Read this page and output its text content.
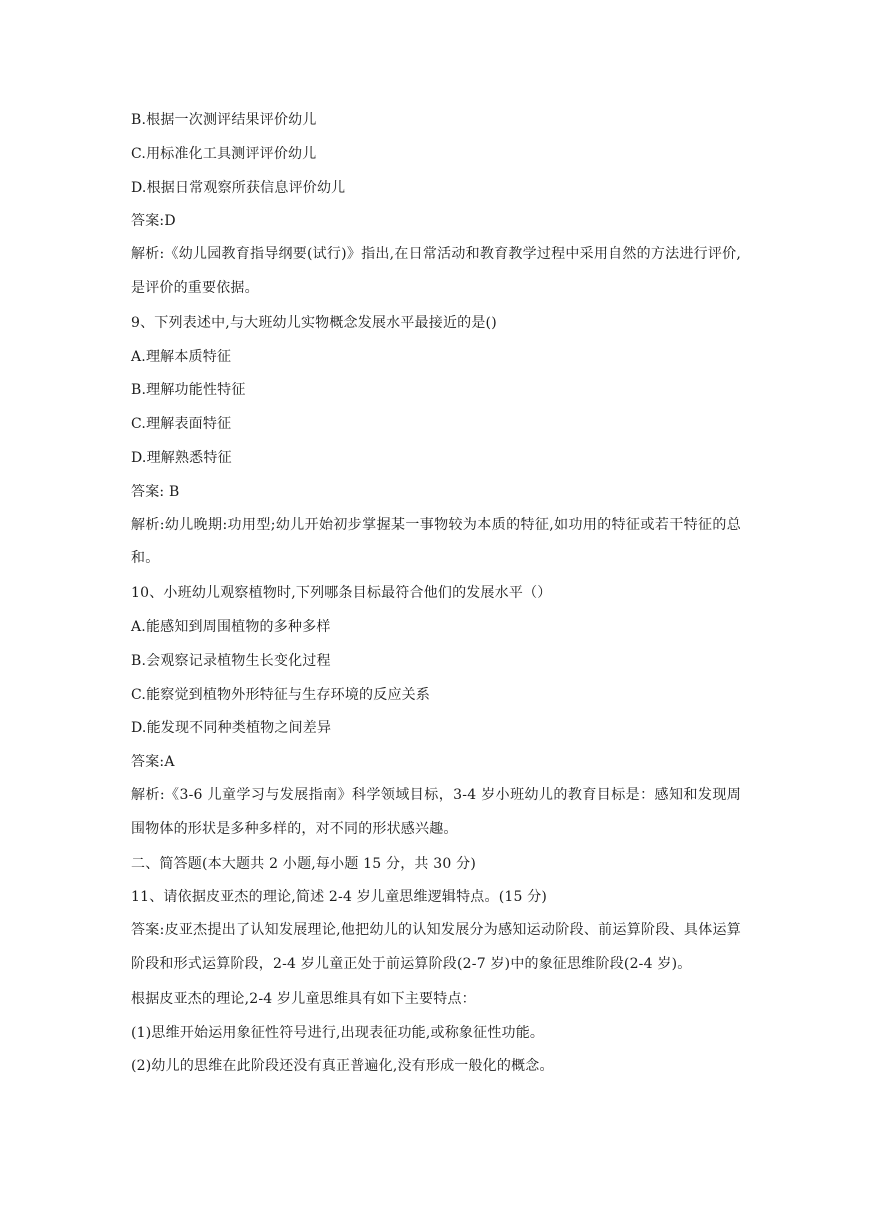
B.根据一次测评结果评价幼儿
C.用标准化工具测评评价幼儿
D.根据日常观察所获信息评价幼儿
答案:D
解析:《幼儿园教育指导纲要(试行)》指出,在日常活动和教育教学过程中采用自然的方法进行评价,是评价的重要依据。
9、下列表述中,与大班幼儿实物概念发展水平最接近的是()
A.理解本质特征
B.理解功能性特征
C.理解表面特征
D.理解熟悉特征
答案: B
解析:幼儿晚期:功用型;幼儿开始初步掌握某一事物较为本质的特征,如功用的特征或若干特征的总和。
10、小班幼儿观察植物时,下列哪条目标最符合他们的发展水平（）
A.能感知到周围植物的多种多样
B.会观察记录植物生长变化过程
C.能察觉到植物外形特征与生存环境的反应关系
D.能发现不同种类植物之间差异
答案:A
解析:《3-6 儿童学习与发展指南》科学领域目标，3-4 岁小班幼儿的教育目标是：感知和发现周围物体的形状是多种多样的，对不同的形状感兴趣。
二、简答题(本大题共 2 小题,每小题 15 分，共 30 分)
11、请依据皮亚杰的理论,简述 2-4 岁儿童思维逻辑特点。(15 分)
答案:皮亚杰提出了认知发展理论,他把幼儿的认知发展分为感知运动阶段、前运算阶段、具体运算阶段和形式运算阶段，2-4 岁儿童正处于前运算阶段(2-7 岁)中的象征思维阶段(2-4 岁)。
根据皮亚杰的理论,2-4 岁儿童思维具有如下主要特点：
(1)思维开始运用象征性符号进行,出现表征功能,或称象征性功能。
(2)幼儿的思维在此阶段还没有真正普遍化,没有形成一般化的概念。
